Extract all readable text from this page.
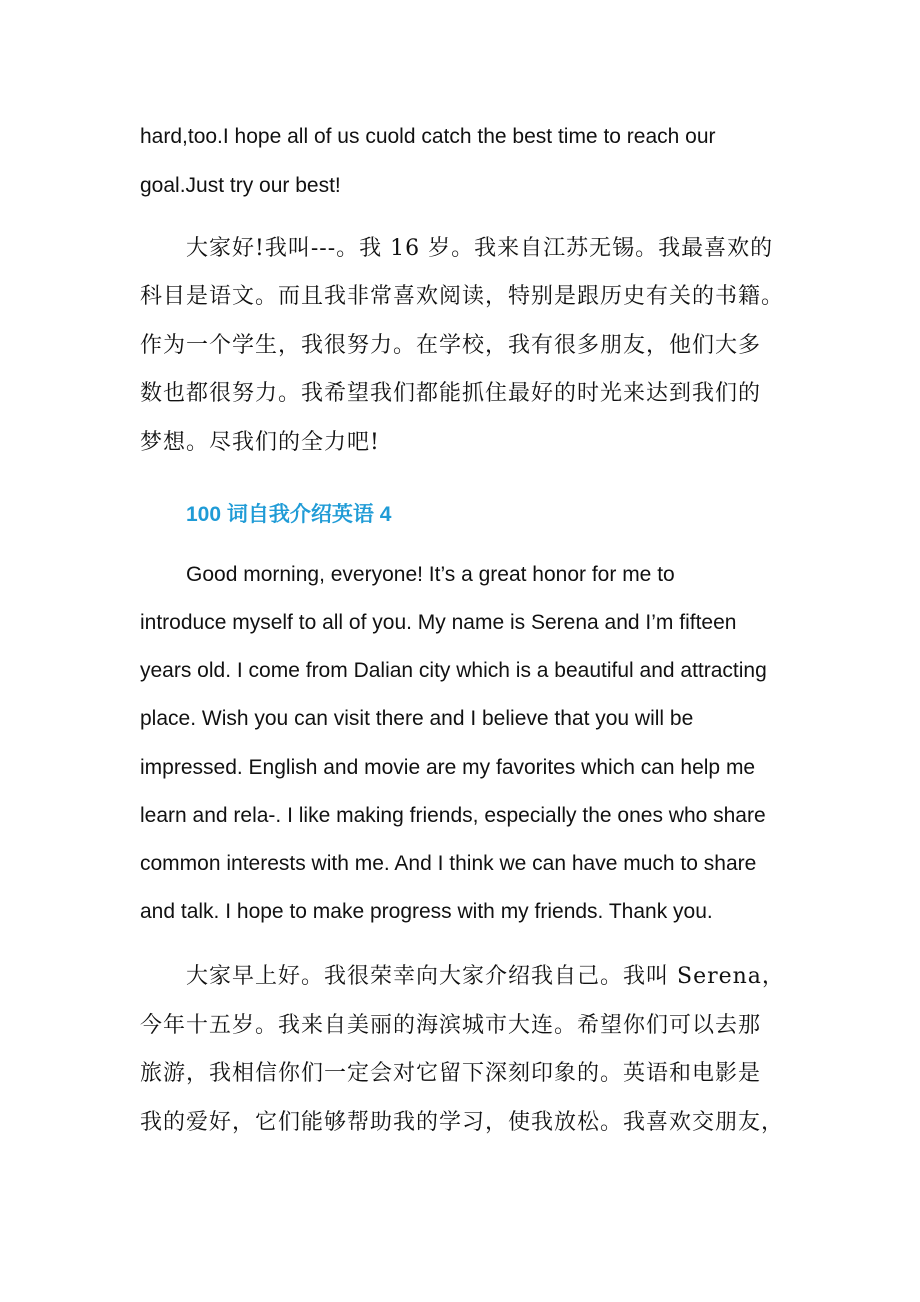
hard,too.I hope all of us cuold catch the best time to reach our
goal.Just try our best!
大家好!我叫---。我 16 岁。我来自江苏无锡。我最喜欢的
科目是语文。而且我非常喜欢阅读，特别是跟历史有关的书籍。
作为一个学生，我很努力。在学校，我有很多朋友，他们大多
数也都很努力。我希望我们都能抓住最好的时光来达到我们的
梦想。尽我们的全力吧!
100 词自我介绍英语 4
Good morning, everyone! It’s a great honor for me to
introduce myself to all of you. My name is Serena and I’m fifteen
years old. I come from Dalian city which is a beautiful and attracting
place. Wish you can visit there and I believe that you will be
impressed. English and movie are my favorites which can help me
learn and rela-. I like making friends, especially the ones who share
common interests with me. And I think we can have much to share
and talk. I hope to make progress with my friends. Thank you.
大家早上好。我很荣幸向大家介绍我自己。我叫 Serena，
今年十五岁。我来自美丽的海滨城市大连。希望你们可以去那
旅游，我相信你们一定会对它留下深刻印象的。英语和电影是
我的爱好，它们能够帮助我的学习，使我放松。我喜欢交朋友，
